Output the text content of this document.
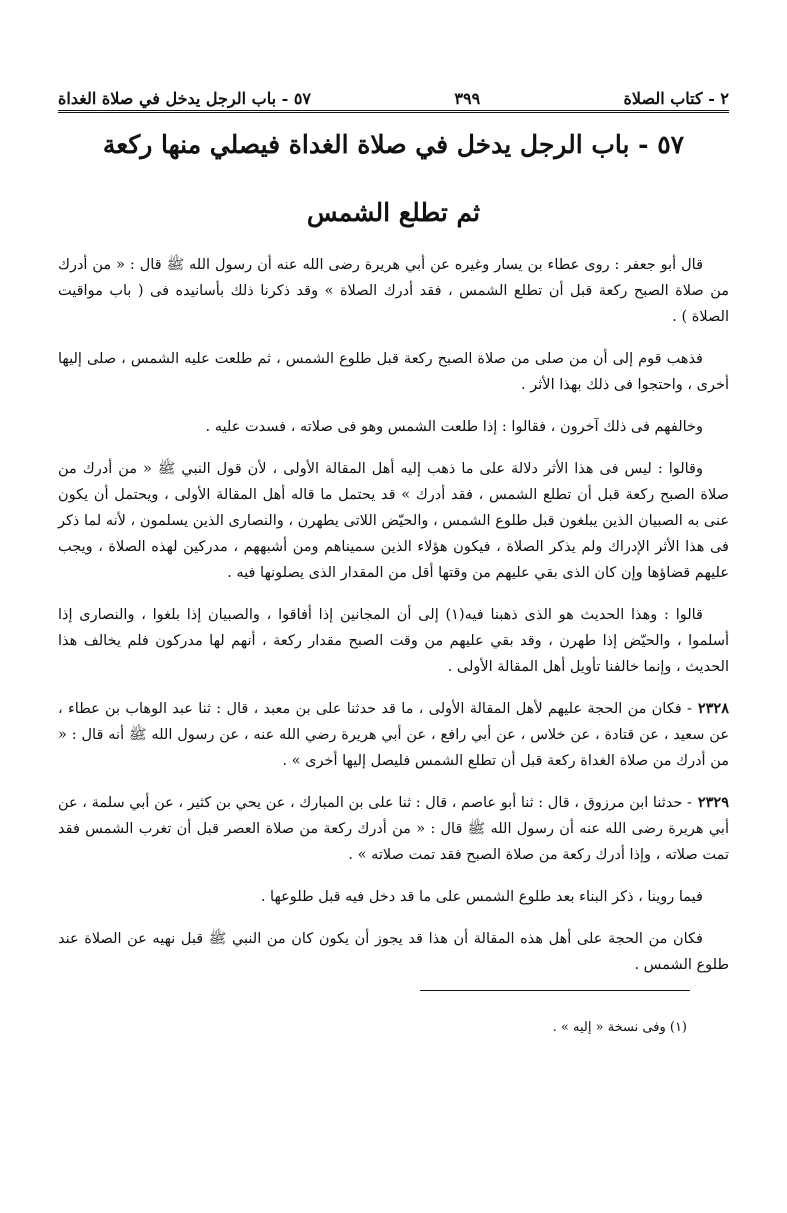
٢ - كتاب الصلاة
٣٩٩
٥٧ - باب الرجل يدخل في صلاة الغداة
٥٧ - باب الرجل يدخل في صلاة الغداة فيصلي منها ركعة
ثم تطلع الشمس

قال أبو جعفر : روى عطاء بن يسار وغيره عن أبي هريرة رضى الله عنه أن رسول الله ﷺ قال : « من أدرك من صلاة الصبح ركعة قبل أن تطلع الشمس ، فقد أدرك الصلاة » وقد ذكرنا ذلك بأسانيده فى ( باب مواقيت الصلاة ) .

فذهب قوم إلى أن من صلى من صلاة الصبح ركعة قبل طلوع الشمس ، ثم طلعت عليه الشمس ، صلى إليها أخرى ، واحتجوا فى ذلك بهذا الأثر .

وخالفهم فى ذلك آخرون ، فقالوا : إذا طلعت الشمس وهو فى صلاته ، فسدت عليه .

وقالوا : ليس فى هذا الأثر دلالة على ما ذهب إليه أهل المقالة الأولى ، لأن قول النبي ﷺ « من أدرك من صلاة الصبح ركعة قبل أن تطلع الشمس ، فقد أدرك » قد يحتمل ما قاله أهل المقالة الأولى ، ويحتمل أن يكون عنى به الصبيان الذين يبلغون قبل طلوع الشمس ، والحيّض اللاتى يطهرن ، والنصارى الذين يسلمون ، لأنه لما ذكر فى هذا الأثر الإدراك ولم يذكر الصلاة ، فيكون هؤلاء الذين سميناهم ومن أشبههم ، مدركين لهذه الصلاة ، ويجب عليهم قضاؤها وإن كان الذى بقي عليهم من وقتها أقل من المقدار الذى يصلونها فيه .

قالوا : وهذا الحديث هو الذى ذهبنا فيه(١) إلى أن المجانين إذا أفاقوا ، والصبيان إذا بلغوا ، والنصارى إذا أسلموا ، والحيّض إذا طهرن ، وقد بقي عليهم من وقت الصبح مقدار ركعة ، أنهم لها مدركون فلم يخالف هذا الحديث ، وإنما خالفنا تأويل أهل المقالة الأولى .

٢٣٢٨- فكان من الحجة عليهم لأهل المقالة الأولى ، ما قد حدثنا على بن معبد ، قال : ثنا عبد الوهاب بن عطاء ، عن سعيد ، عن قتادة ، عن خلاس ، عن أبي رافع ، عن أبي هريرة رضي الله عنه ، عن رسول الله ﷺ أنه قال : « من أدرك من صلاة الغداة ركعة قبل أن تطلع الشمس فليصل إليها أخرى » .

٢٣٢٩- حدثنا ابن مرزوق ، قال : ثنا أبو عاصم ، قال : ثنا على بن المبارك ، عن يحي بن كثير ، عن أبي سلمة ، عن أبي هريرة رضى الله عنه أن رسول الله ﷺ قال : « من أدرك ركعة من صلاة العصر قبل أن تغرب الشمس فقد تمت صلاته ، وإذا أدرك ركعة من صلاة الصبح فقد تمت صلاته » .

فيما روينا ، ذكر البناء بعد طلوع الشمس على ما قد دخل فيه قبل طلوعها .

فكان من الحجة على أهل هذه المقالة أن هذا قد يجوز أن يكون كان من النبي ﷺ قبل نهيه عن الصلاة عند طلوع الشمس .

(١) وفى نسخة « إليه » .
